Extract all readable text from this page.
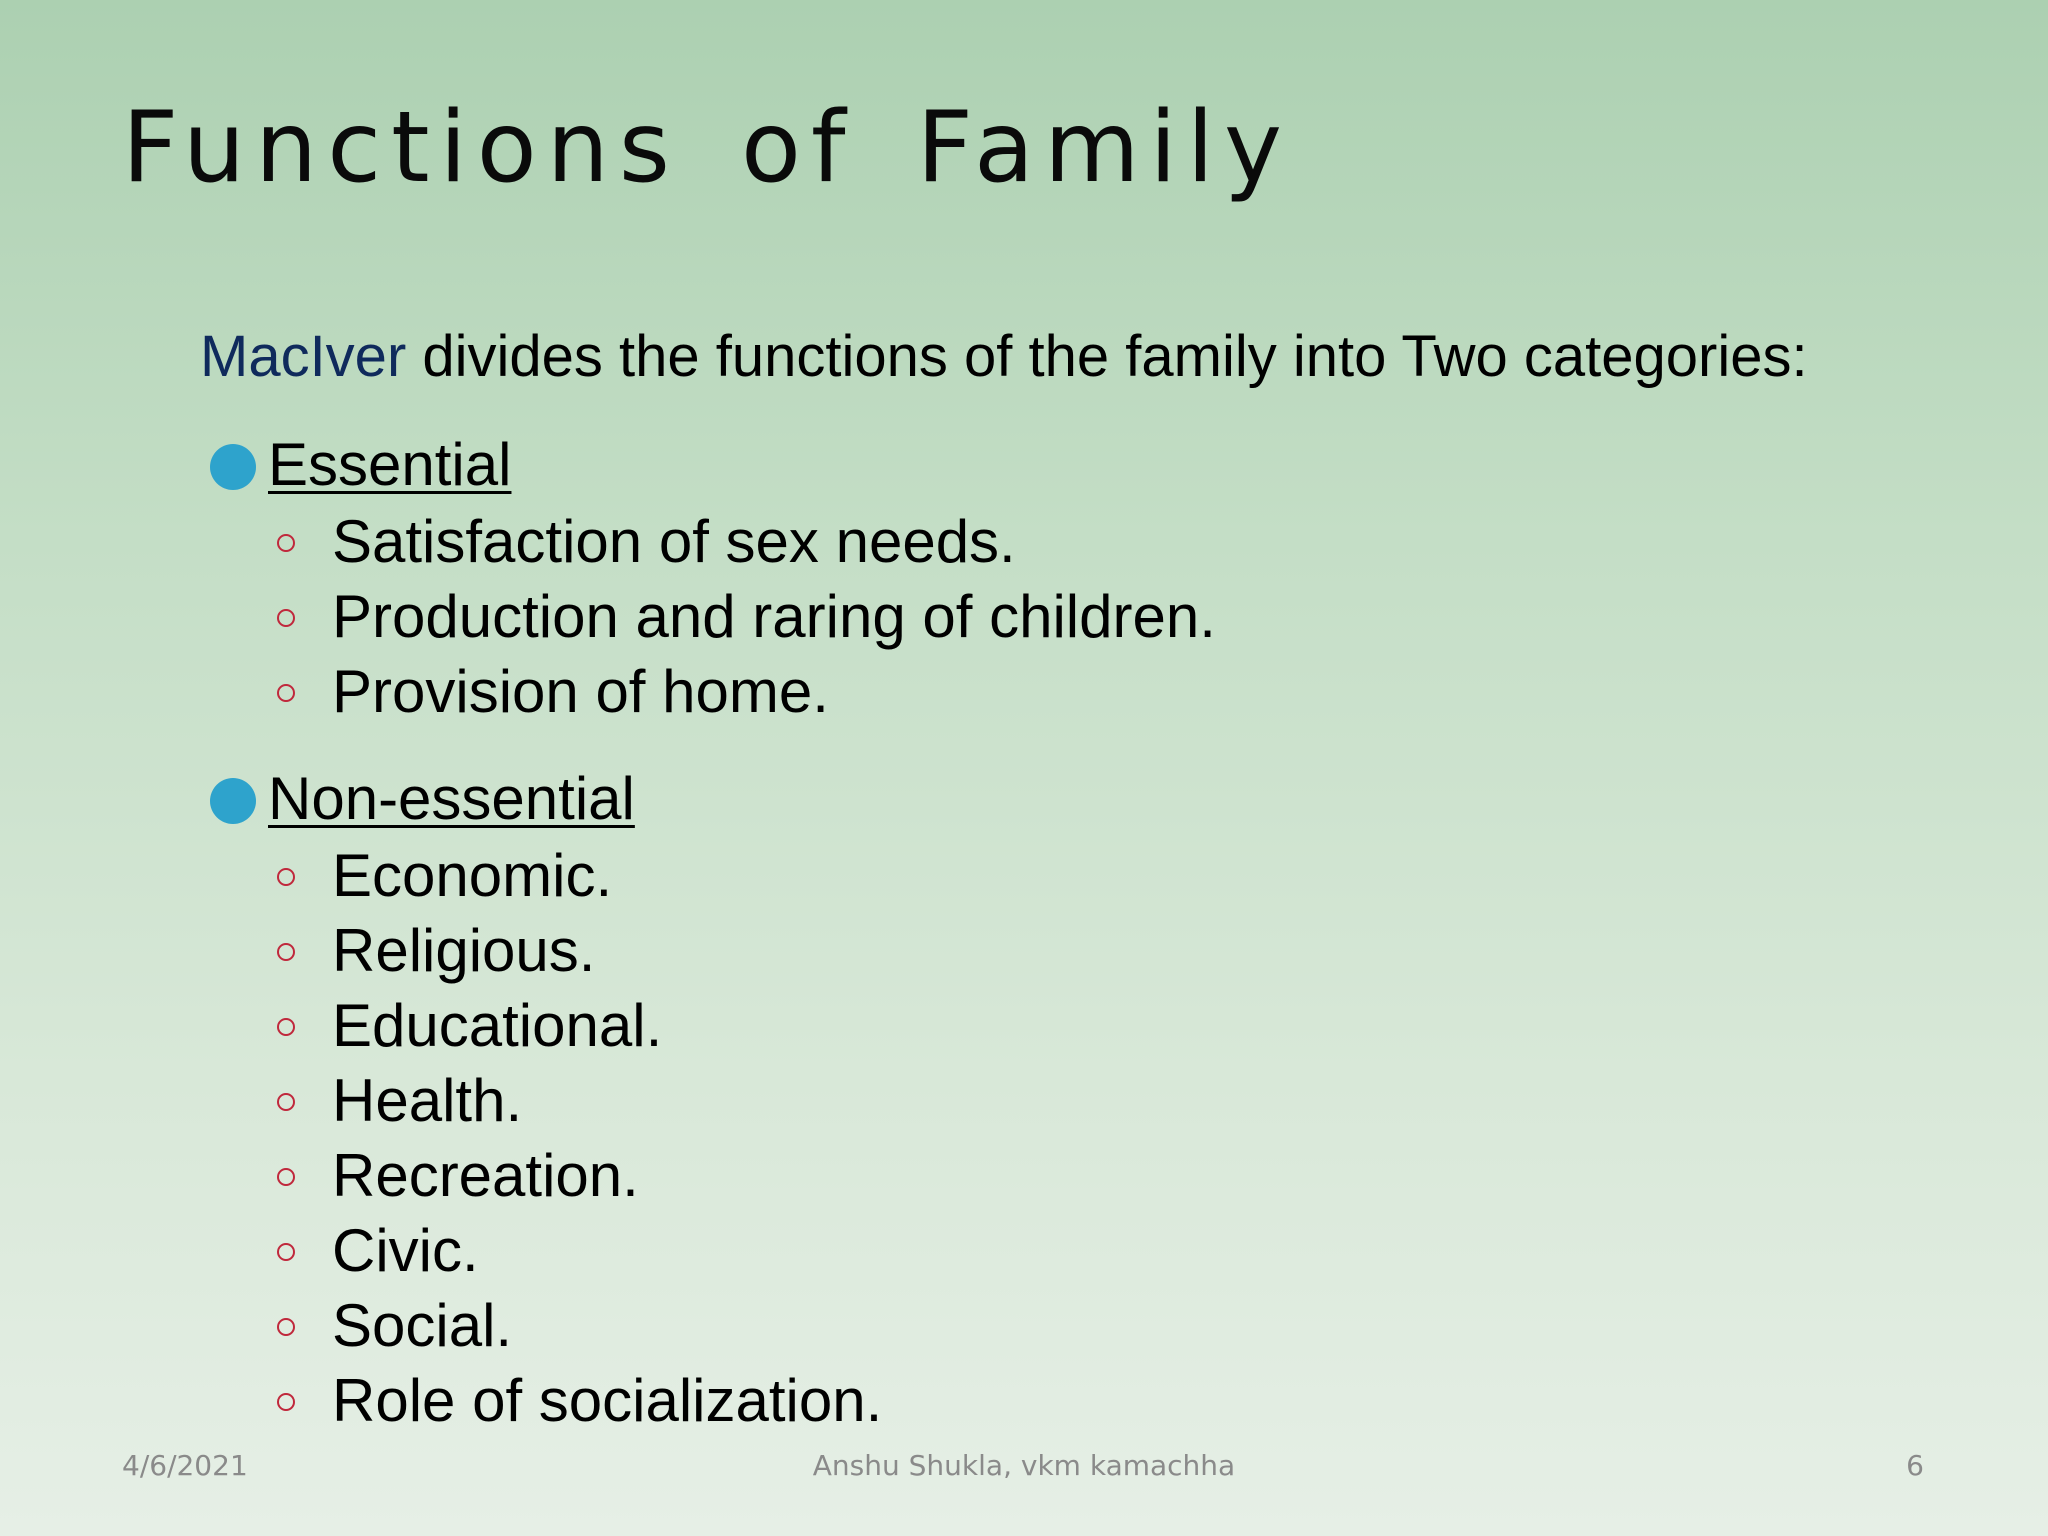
Functions of Family
MacIver divides the functions of the family into Two categories:
Essential
Satisfaction of sex needs.
Production and raring of children.
Provision of home.
Non-essential
Economic.
Religious.
Educational.
Health.
Recreation.
Civic.
Social.
Role of socialization.
4/6/2021	Anshu Shukla, vkm kamachha	6
